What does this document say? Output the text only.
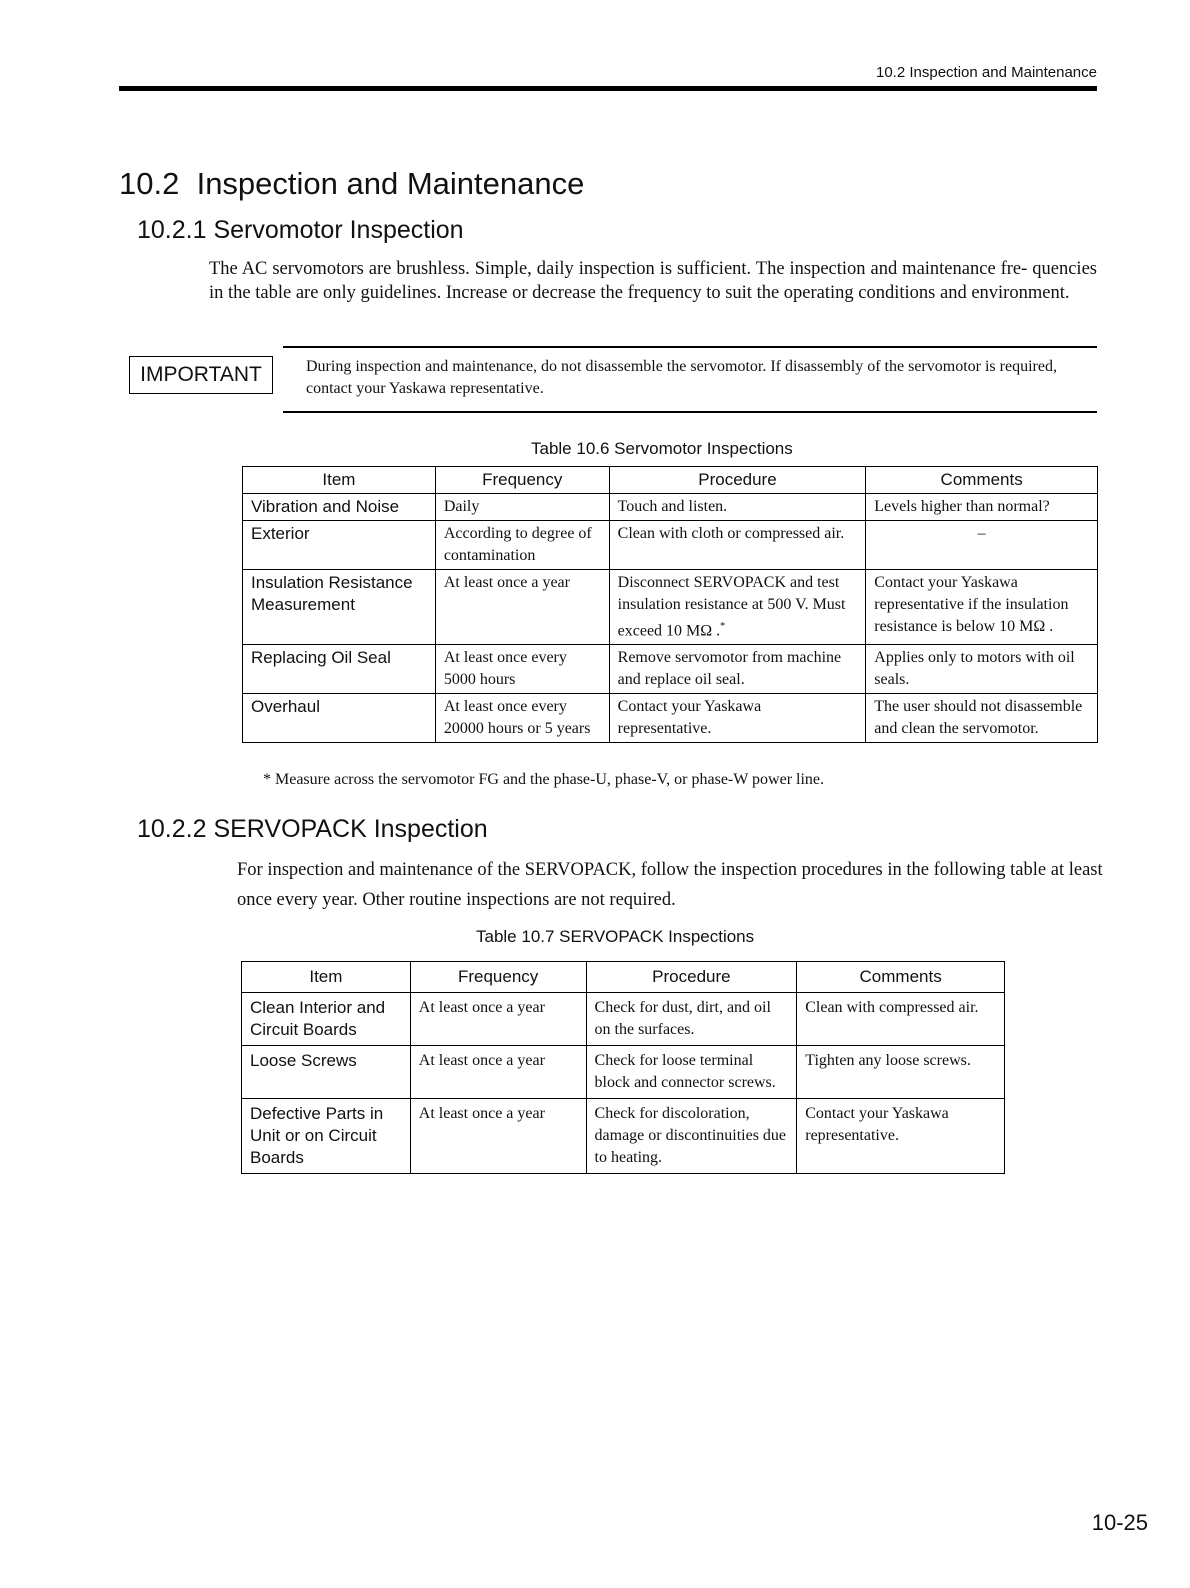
10.2 Inspection and Maintenance
10.2 Inspection and Maintenance
10.2.1 Servomotor Inspection

The AC servomotors are brushless. Simple, daily inspection is sufficient. The inspection and maintenance fre- quencies in the table are only guidelines. Increase or decrease the frequency to suit the operating conditions and environment.

IMPORTANT	During inspection and maintenance, do not disassemble the servomotor. If disassembly of the servomotor is required, contact your Yaskawa representative.

Table 10.6 Servomotor Inspections
Item	Frequency	Procedure	Comments
Vibration and Noise	Daily	Touch and listen.	Levels higher than normal?
Exterior	According to degree of contamination	Clean with cloth or compressed air.	–
Insulation Resistance Measurement	At least once a year	Disconnect SERVOPACK and test insulation resistance at 500 V. Must exceed 10 MΩ .*	Contact your Yaskawa representative if the insulation resistance is below 10 MΩ .
Replacing Oil Seal	At least once every 5000 hours	Remove servomotor from machine and replace oil seal.	Applies only to motors with oil seals.
Overhaul	At least once every 20000 hours or 5 years	Contact your Yaskawa representative.	The user should not disassemble and clean the servomotor.
* Measure across the servomotor FG and the phase-U, phase-V, or phase-W power line.
10.2.2 SERVOPACK Inspection

For inspection and maintenance of the SERVOPACK, follow the inspection procedures in the following table at least once every year. Other routine inspections are not required.

Table 10.7 SERVOPACK Inspections
Item	Frequency	Procedure	Comments
Clean Interior and Circuit Boards	At least once a year	Check for dust, dirt, and oil on the surfaces.	Clean with compressed air.
Loose Screws	At least once a year	Check for loose terminal block and connector screws.	Tighten any loose screws.
Defective Parts in Unit or on Circuit Boards	At least once a year	Check for discoloration, damage or discontinuities due to heating.	Contact your Yaskawa representative.
10-25
